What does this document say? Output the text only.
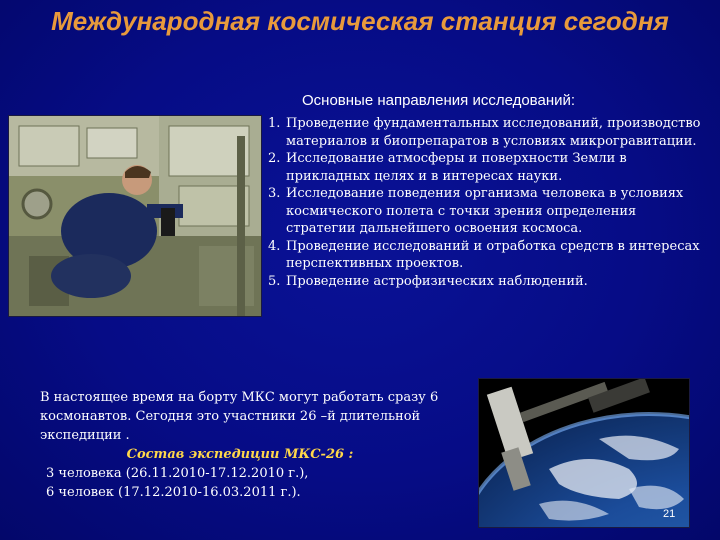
Международная космическая станция сегодня
Основные направления исследований:
1. Проведение фундаментальных исследований, производство материалов и биопрепаратов в условиях микрогравитации.
2. Исследование атмосферы и поверхности Земли в прикладных целях и в интересах науки.
3. Исследование поведения организма человека в условиях космического полета с точки зрения определения стратегии дальнейшего освоения космоса.
4. Проведение исследований и отработка средств в интересах перспективных проектов.
5. Проведение астрофизических наблюдений.

В настоящее время на борту МКС могут работать сразу 6 космонавтов. Сегодня это участники 26 –й длительной экспедиции .

Состав экспедиции МКС-26 :

3 человека (26.11.2010-17.12.2010 г.),

6 человек (17.12.2010-16.03.2011 г.).

21
